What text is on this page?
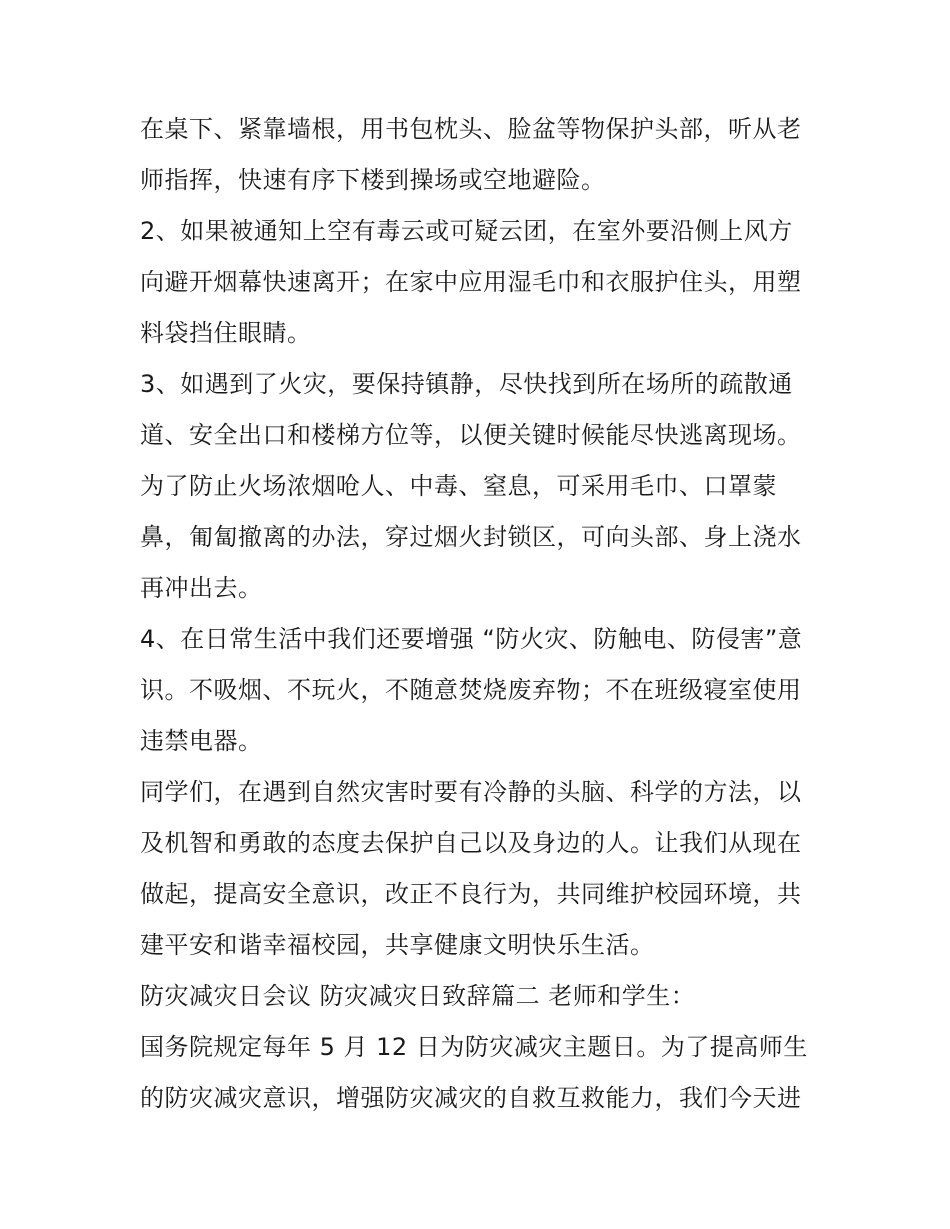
在桌下、紧靠墙根，用书包枕头、脸盆等物保护头部，听从老
师指挥，快速有序下楼到操场或空地避险。
2、如果被通知上空有毒云或可疑云团，在室外要沿侧上风方
向避开烟幕快速离开；在家中应用湿毛巾和衣服护住头，用塑
料袋挡住眼睛。
3、如遇到了火灾，要保持镇静，尽快找到所在场所的疏散通
道、安全出口和楼梯方位等，以便关键时候能尽快逃离现场。
为了防止火场浓烟呛人、中毒、窒息，可采用毛巾、口罩蒙
鼻，匍匐撤离的办法，穿过烟火封锁区，可向头部、身上浇水
再冲出去。
4、在日常生活中我们还要增强 “防火灾、防触电、防侵害”意
识。不吸烟、不玩火，不随意焚烧废弃物；不在班级寝室使用
违禁电器。
同学们，在遇到自然灾害时要有冷静的头脑、科学的方法，以
及机智和勇敢的态度去保护自己以及身边的人。让我们从现在
做起，提高安全意识，改正不良行为，共同维护校园环境，共
建平安和谐幸福校园，共享健康文明快乐生活。
防灾减灾日会议 防灾减灾日致辞篇二 老师和学生：
国务院规定每年 5 月 12 日为防灾减灾主题日。为了提高师生
的防灾减灾意识，增强防灾减灾的自救互救能力，我们今天进
